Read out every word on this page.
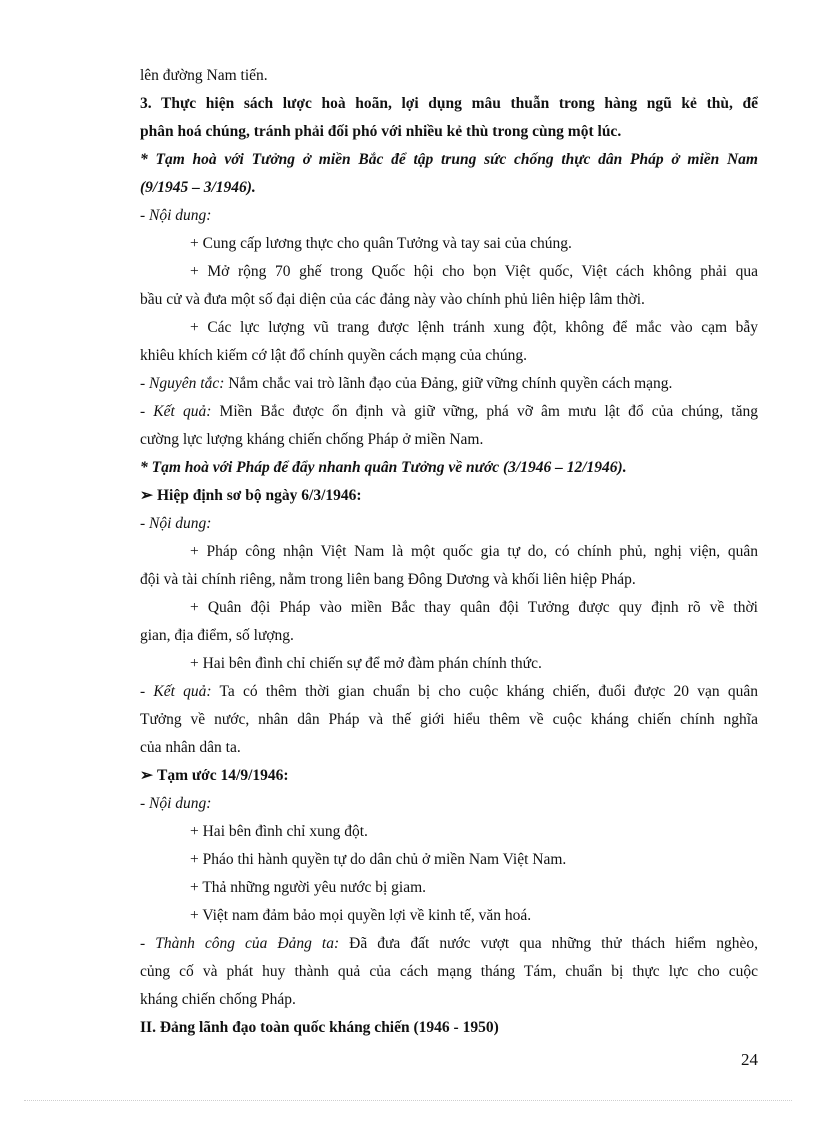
lên đường Nam tiến.
3. Thực hiện sách lược hoà hoãn, lợi dụng mâu thuẫn trong hàng ngũ kẻ thù, để
phân hoá chúng, tránh phải đối phó với nhiều kẻ thù trong cùng một lúc.
* Tạm hoà với Tưởng ở miền Bắc để tập trung sức chống thực dân Pháp ở miền Nam
(9/1945 – 3/1946).
- Nội dung:
+ Cung cấp lương thực cho quân Tưởng và tay sai của chúng.
+ Mở rộng 70 ghế trong Quốc hội cho bọn Việt quốc, Việt cách không phải qua
bầu cử và đưa một số đại diện của các đảng này vào chính phủ liên hiệp lâm thời.
+ Các lực lượng vũ trang được lệnh tránh xung đột, không để mắc vào cạm bẫy
khiêu khích kiếm cớ lật đổ chính quyền cách mạng của chúng.
- Nguyên tắc: Nắm chắc vai trò lãnh đạo của Đảng, giữ vững chính quyền cách mạng.
- Kết quả: Miền Bắc được ổn định và giữ vững, phá vỡ âm mưu lật đổ của chúng, tăng
cường lực lượng kháng chiến chống Pháp ở miền Nam.
* Tạm hoà với Pháp để đẩy nhanh quân Tưởng về nước (3/1946 – 12/1946).
➢ Hiệp định sơ bộ ngày 6/3/1946:
- Nội dung:
+ Pháp công nhận Việt Nam là một quốc gia tự do, có chính phủ, nghị viện, quân
đội và tài chính riêng, nằm trong liên bang Đông Dương và khối liên hiệp Pháp.
+ Quân đội Pháp vào miền Bắc thay quân đội Tưởng được quy định rõ về thời
gian, địa điểm, số lượng.
+ Hai bên đình chỉ chiến sự để mở đàm phán chính thức.
- Kết quả: Ta có thêm thời gian chuẩn bị cho cuộc kháng chiến, đuổi được 20 vạn quân
Tưởng về nước, nhân dân Pháp và thế giới hiểu thêm về cuộc kháng chiến chính nghĩa
của nhân dân ta.
➢ Tạm ước 14/9/1946:
- Nội dung:
+ Hai bên đình chỉ xung đột.
+ Pháo thi hành quyền tự do dân chủ ở miền Nam Việt Nam.
+ Thả những người yêu nước bị giam.
+ Việt nam đảm bảo mọi quyền lợi về kinh tế, văn hoá.
- Thành công của Đảng ta: Đã đưa đất nước vượt qua những thử thách hiểm nghèo,
củng cố và phát huy thành quả của cách mạng tháng Tám, chuẩn bị thực lực cho cuộc
kháng chiến chống Pháp.
II. Đảng lãnh đạo toàn quốc kháng chiến (1946 - 1950)
24
